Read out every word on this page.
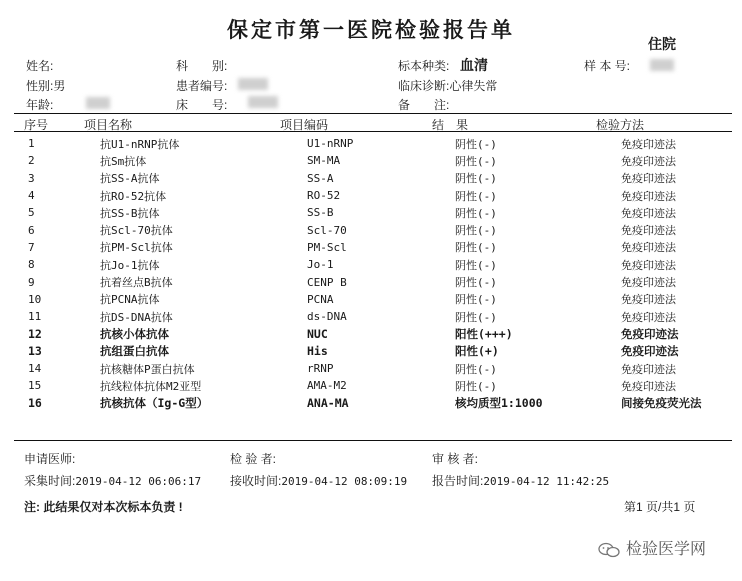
保定市第一医院检验报告单
住院
姓名:	科　　别:	标本种类: 血清	样 本 号:
性别:男	患者编号:	临床诊断:心律失常
年龄:	床　　号:	备　　注:
序号	项目名称	项目编码	结　果	检验方法
1	抗U1-nRNP抗体	U1-nRNP	阴性(-)	免疫印迹法
2	抗Sm抗体	SM-MA	阴性(-)	免疫印迹法
3	抗SS-A抗体	SS-A	阴性(-)	免疫印迹法
4	抗RO-52抗体	RO-52	阴性(-)	免疫印迹法
5	抗SS-B抗体	SS-B	阴性(-)	免疫印迹法
6	抗Scl-70抗体	Scl-70	阴性(-)	免疫印迹法
7	抗PM-Scl抗体	PM-Scl	阴性(-)	免疫印迹法
8	抗Jo-1抗体	Jo-1	阴性(-)	免疫印迹法
9	抗着丝点B抗体	CENP B	阴性(-)	免疫印迹法
10	抗PCNA抗体	PCNA	阴性(-)	免疫印迹法
11	抗DS-DNA抗体	ds-DNA	阴性(-)	免疫印迹法
12	抗核小体抗体	NUC	阳性(+++)	免疫印迹法
13	抗组蛋白抗体	His	阳性(+)	免疫印迹法
14	抗核糖体P蛋白抗体	rRNP	阴性(-)	免疫印迹法
15	抗线粒体抗体M2亚型	AMA-M2	阴性(-)	免疫印迹法
16	抗核抗体（Ig-G型）	ANA-MA	核均质型1:1000	间接免疫荧光法
申请医师:	检 验 者:	审 核 者:
采集时间:2019-04-12 06:06:17 接收时间:2019-04-12 08:09:19 报告时间:2019-04-12 11:42:25
注: 此结果仅对本次标本负责 !	第1 页/共1 页
检验医学网
